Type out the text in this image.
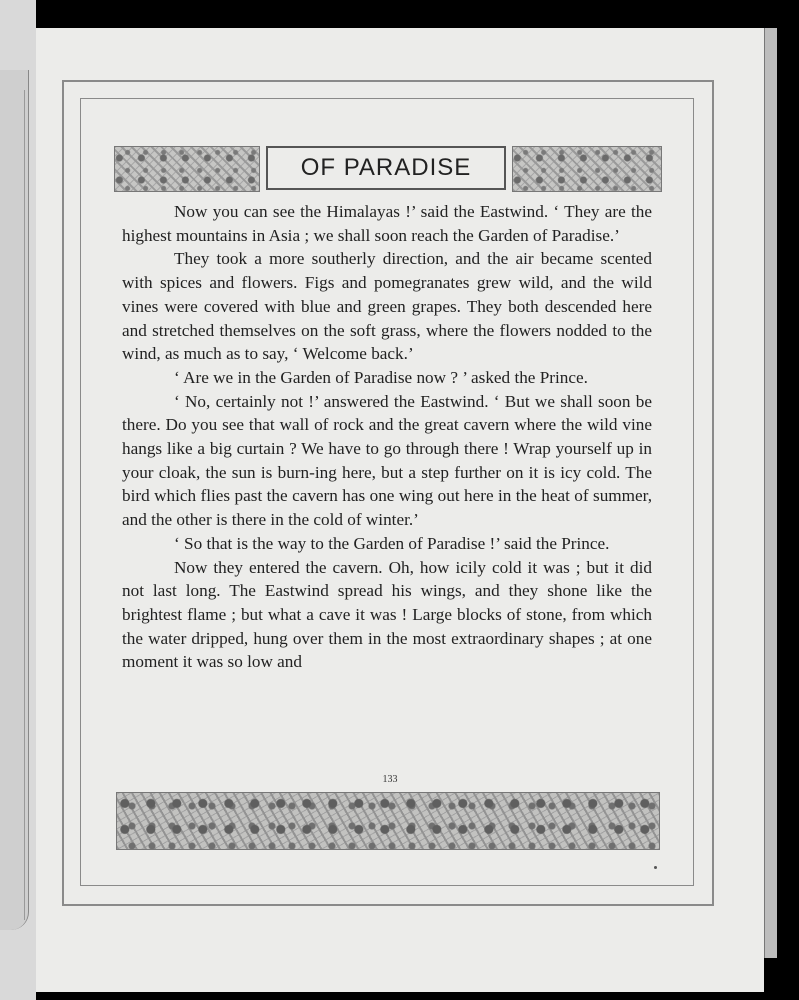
OF PARADISE

Now you can see the Himalayas !’ said the Eastwind. ‘ They are the highest mountains in Asia ; we shall soon reach the Garden of Paradise.’

They took a more southerly direction, and the air became scented with spices and flowers. Figs and pomegranates grew wild, and the wild vines were covered with blue and green grapes. They both descended here and stretched themselves on the soft grass, where the flowers nodded to the wind, as much as to say, ‘ Welcome back.’

‘ Are we in the Garden of Paradise now ? ’ asked the Prince.

‘ No, certainly not !’ answered the Eastwind. ‘ But we shall soon be there. Do you see that wall of rock and the great cavern where the wild vine hangs like a big curtain ? We have to go through there ! Wrap yourself up in your cloak, the sun is burn-ing here, but a step further on it is icy cold. The bird which flies past the cavern has one wing out here in the heat of summer, and the other is there in the cold of winter.’

‘ So that is the way to the Garden of Paradise !’ said the Prince.

Now they entered the cavern. Oh, how icily cold it was ; but it did not last long. The Eastwind spread his wings, and they shone like the brightest flame ; but what a cave it was ! Large blocks of stone, from which the water dripped, hung over them in the most extraordinary shapes ; at one moment it was so low and

133
